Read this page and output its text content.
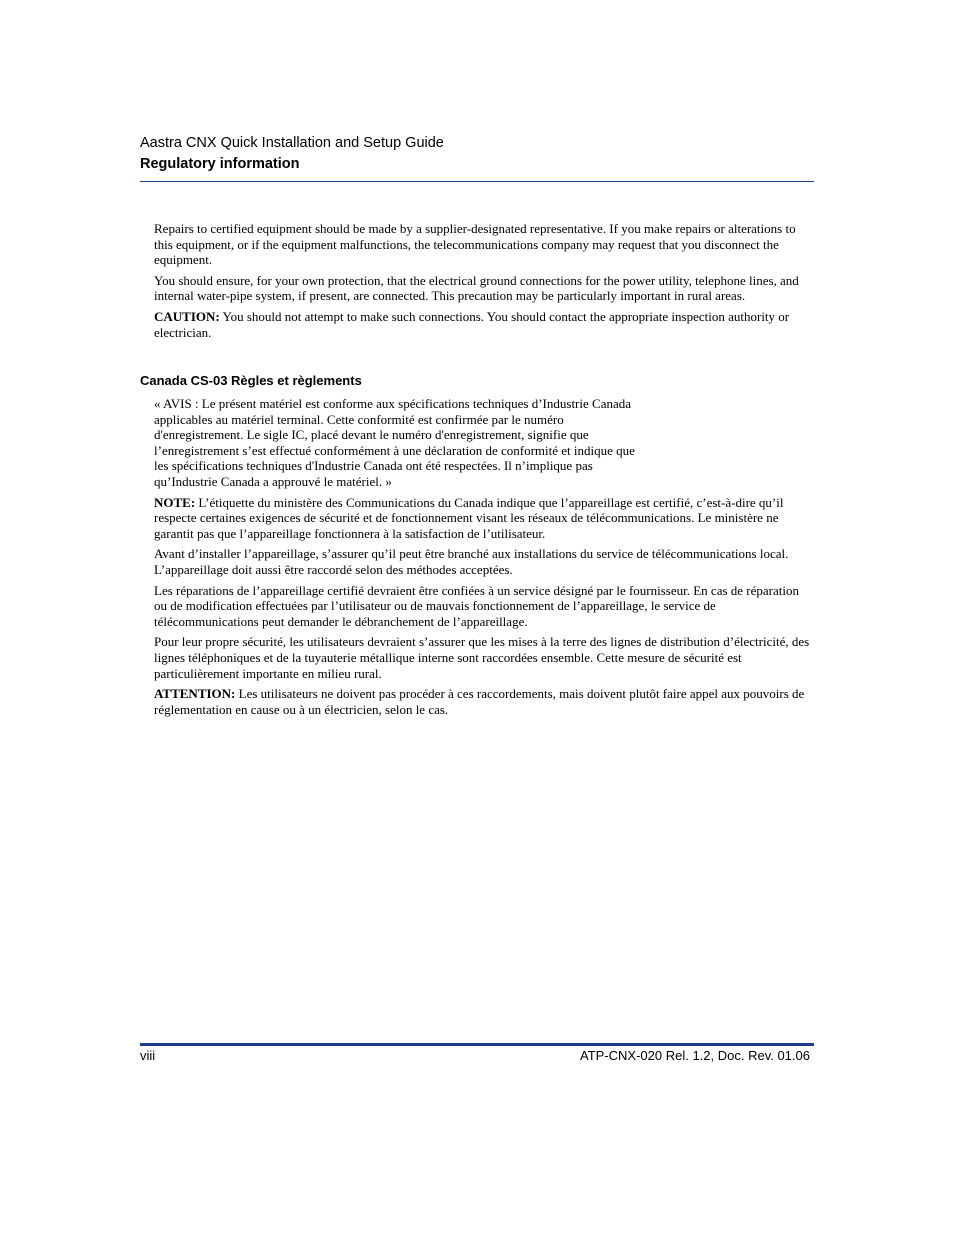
Aastra CNX Quick Installation and Setup Guide
Regulatory information

Repairs to certified equipment should be made by a supplier-designated representative. If you make repairs or alterations to this equipment, or if the equipment malfunctions, the telecommunications company may request that you disconnect the equipment.

You should ensure, for your own protection, that the electrical ground connections for the power utility, telephone lines, and internal water-pipe system, if present, are connected. This precaution may be particularly important in rural areas.

CAUTION: You should not attempt to make such connections. You should contact the appropriate inspection authority or electrician.

Canada CS-03 Règles et règlements
« AVIS : Le présent matériel est conforme aux spécifications techniques d’Industrie Canada
applicables au matériel terminal. Cette conformité est confirmée par le numéro
d'enregistrement. Le sigle IC, placé devant le numéro d'enregistrement, signifie que
l’enregistrement s’est effectué conformément à une déclaration de conformité et indique que
les spécifications techniques d'Industrie Canada ont été respectées. Il n’implique pas
qu’Industrie Canada a approuvé le matériel. »

NOTE: L’étiquette du ministère des Communications du Canada indique que l’appareillage est certifié, c’est-à-dire qu’il respecte certaines exigences de sécurité et de fonctionnement visant les réseaux de télécommunications. Le ministère ne garantit pas que l’appareillage fonctionnera à la satisfaction de l’utilisateur.

Avant d’installer l’appareillage, s’assurer qu’il peut être branché aux installations du service de télécommunications local. L’appareillage doit aussi être raccordé selon des méthodes acceptées.

Les réparations de l’appareillage certifié devraient être confiées à un service désigné par le fournisseur. En cas de réparation ou de modification effectuées par l’utilisateur ou de mauvais fonctionnement de l’appareillage, le service de télécommunications peut demander le débranchement de l’appareillage.

Pour leur propre sécurité, les utilisateurs devraient s’assurer que les mises à la terre des lignes de distribution d’électricité, des lignes téléphoniques et de la tuyauterie métallique interne sont raccordées ensemble. Cette mesure de sécurité est particulièrement importante en milieu rural.

ATTENTION: Les utilisateurs ne doivent pas procéder à ces raccordements, mais doivent plutôt faire appel aux pouvoirs de réglementation en cause ou à un électricien, selon le cas.

viii	ATP-CNX-020 Rel. 1.2, Doc. Rev. 01.06
